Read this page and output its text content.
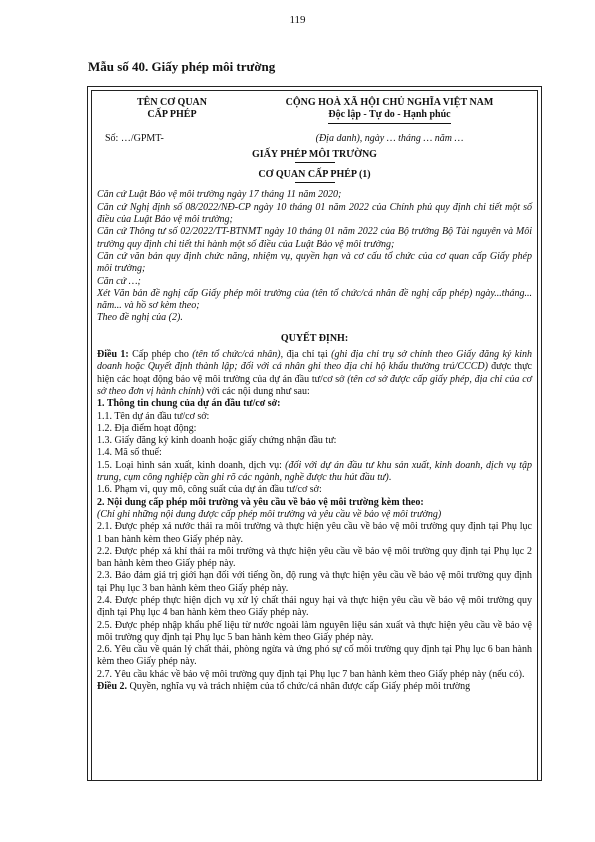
119
Mẫu số 40. Giấy phép môi trường
TÊN CƠ QUAN
CẤP PHÉP
CỘNG HOÀ XÃ HỘI CHỦ NGHĨA VIỆT NAM
Độc lập - Tự do - Hạnh phúc
Số: …/GPMT-	(Địa danh), ngày … tháng … năm …
GIẤY PHÉP MÔI TRƯỜNG
CƠ QUAN CẤP PHÉP (1)

Căn cứ Luật Bảo vệ môi trường ngày 17 tháng 11 năm 2020;

Căn cứ Nghị định số 08/2022/NĐ-CP ngày 10 tháng 01 năm 2022 của Chính phủ quy định chi tiết một số điều của Luật Bảo vệ môi trường;

Căn cứ Thông tư số 02/2022/TT-BTNMT ngày 10 tháng 01 năm 2022 của Bộ trưởng Bộ Tài nguyên và Môi trường quy định chi tiết thi hành một số điều của Luật Bảo vệ môi trường;

Căn cứ văn bản quy định chức năng, nhiệm vụ, quyền hạn và cơ cấu tổ chức của cơ quan cấp Giấy phép môi trường;

Căn cứ …;

Xét Văn bản đề nghị cấp Giấy phép môi trường của (tên tổ chức/cá nhân đề nghị cấp phép) ngày...tháng... năm... và hồ sơ kèm theo;

Theo đề nghị của (2).

QUYẾT ĐỊNH:

Điều 1: Cấp phép cho (tên tổ chức/cá nhân), địa chỉ tại (ghi địa chỉ trụ sở chính theo Giấy đăng ký kinh doanh hoặc Quyết định thành lập; đối với cá nhân ghi theo địa chỉ hộ khẩu thường trú/CCCD) được thực hiện các hoạt động bảo vệ môi trường của dự án đầu tư/cơ sở (tên cơ sở được cấp giấy phép, địa chỉ của cơ sở theo đơn vị hành chính) với các nội dung như sau:

1. Thông tin chung của dự án đầu tư/cơ sở:

1.1. Tên dự án đầu tư/cơ sở:

1.2. Địa điểm hoạt động:

1.3. Giấy đăng ký kinh doanh hoặc giấy chứng nhận đầu tư:

1.4. Mã số thuế:

1.5. Loại hình sản xuất, kinh doanh, dịch vụ: (đối với dự án đầu tư khu sản xuất, kinh doanh, dịch vụ tập trung, cụm công nghiệp cần ghi rõ các ngành, nghề được thu hút đầu tư).

1.6. Phạm vi, quy mô, công suất của dự án đầu tư/cơ sở:

2. Nội dung cấp phép môi trường và yêu cầu về bảo vệ môi trường kèm theo:

(Chỉ ghi những nội dung được cấp phép môi trường và yêu cầu về bảo vệ môi trường)

2.1. Được phép xả nước thải ra môi trường và thực hiện yêu cầu về bảo vệ môi trường quy định tại Phụ lục 1 ban hành kèm theo Giấy phép này.

2.2. Được phép xả khí thải ra môi trường và thực hiện yêu cầu về bảo vệ môi trường quy định tại Phụ lục 2 ban hành kèm theo Giấy phép này.

2.3. Bảo đảm giá trị giới hạn đối với tiếng ồn, độ rung và thực hiện yêu cầu về bảo vệ môi trường quy định tại Phụ lục 3 ban hành kèm theo Giấy phép này.

2.4. Được phép thực hiện dịch vụ xử lý chất thải nguy hại và thực hiện yêu cầu về bảo vệ môi trường quy định tại Phụ lục 4 ban hành kèm theo Giấy phép này.

2.5. Được phép nhập khẩu phế liệu từ nước ngoài làm nguyên liệu sản xuất và thực hiện yêu cầu về bảo vệ môi trường quy định tại Phụ lục 5 ban hành kèm theo Giấy phép này.

2.6. Yêu cầu về quản lý chất thải, phòng ngừa và ứng phó sự cố môi trường quy định tại Phụ lục 6 ban hành kèm theo Giấy phép này.

2.7. Yêu cầu khác về bảo vệ môi trường quy định tại Phụ lục 7 ban hành kèm theo Giấy phép này (nếu có).

Điều 2. Quyền, nghĩa vụ và trách nhiệm của tổ chức/cá nhân được cấp Giấy phép môi trường
